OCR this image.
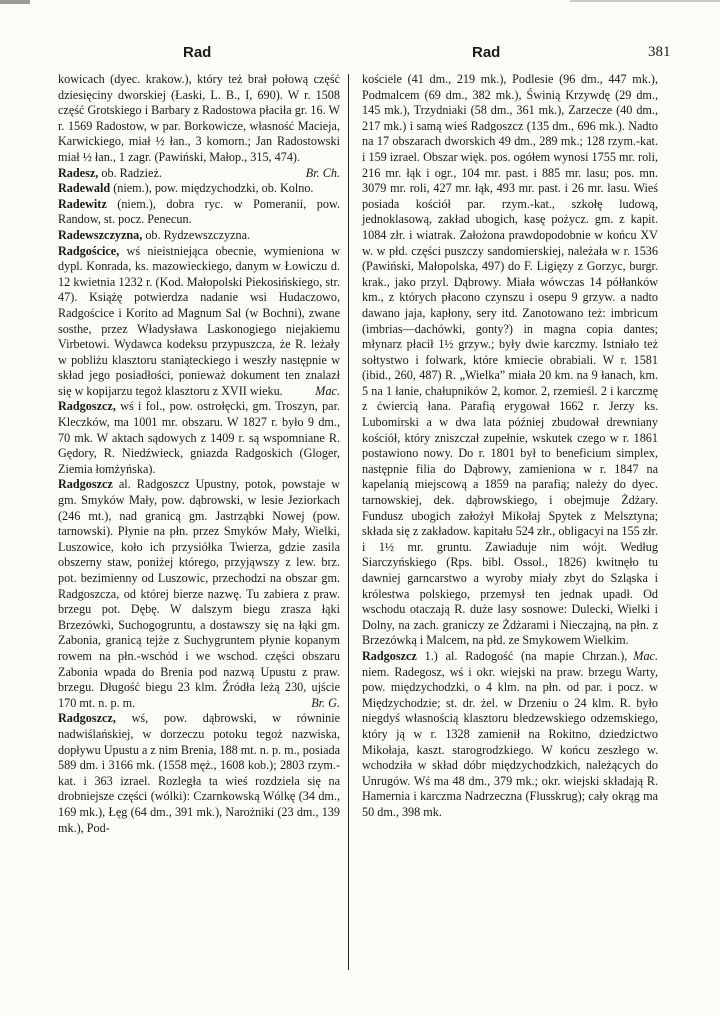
Rad	Rad	381

kowicach (dyec. krakow.), który też brał połową część dziesięciny dworskiej (Łaski, L. B., I, 690). W r. 1508 część Grotskiego i Barbary z Radostowa płaciła gr. 16. W r. 1569 Radostow, w par. Borkowicze, własność Macieja, Karwickiego, miał ½ łan., 3 komorn.; Jan Radostowski miał ½ łan., 1 zagr. (Pawiński, Małop., 315, 474).
Br. Ch.

Radesz, ob. Radzież.

Radewald (niem.), pow. międzychodzki, ob. Kolno.

Radewitz (niem.), dobra ryc. w Pomeranii, pow. Randow, st. pocz. Penecun.

Radewszczyzna, ob. Rydzewszczyzna.

Radgościce, wś nieistniejąca obecnie, wymieniona w dypl. Konrada, ks. mazowieckiego, danym w Łowiczu d. 12 kwietnia 1232 r. (Kod. Małopolski Piekosińskiego, str. 47). Książę potwierdza nadanie wsi Hudaczowo, Radgościce i Korito ad Magnum Sal (w Bochni), zwane sosthe, przez Władysława Laskonogiego niejakiemu Virbetowi. Wydawca kodeksu przypuszcza, że R. leżały w pobliżu klasztoru staniąteckiego i weszły następnie w skład jego posiadłości, ponieważ dokument ten znalazł się w kopijarzu tegoż klasztoru z XVII wieku.	Mac.

Radgoszcz, wś i fol., pow. ostrołęcki, gm. Troszyn, par. Kleczków, ma 1001 mr. obszaru. W 1827 r. było 9 dm., 70 mk. W aktach sądowych z 1409 r. są wspomniane R. Gędory, R. Niedźwieck, gniazda Radgoskich (Gloger, Ziemia łomżyńska).

Radgoszcz al. Radgoszcz Upustny, potok, powstaje w gm. Smyków Mały, pow. dąbrowski, w lesie Jeziorkach (246 mt.), nad granicą gm. Jastrząbki Nowej (pow. tarnowski). Płynie na płn. przez Smyków Mały, Wielki, Luszowice, koło ich przysiółka Twierza, gdzie zasila obszerny staw, poniżej którego, przyjąwszy z lew. brz. pot. bezimienny od Luszowic, przechodzi na obszar gm. Radgoszcza, od której bierze nazwę. Tu zabiera z praw. brzegu pot. Dębę. W dalszym biegu zrasza łąki Brzezówki, Suchogogruntu, a dostawszy się na łąki gm. Zabonia, granicą tejże z Suchygruntem płynie kopanym rowem na płn.-wschód i we wschod. części obszaru Zabonia wpada do Brenia pod nazwą Upustu z praw. brzegu. Długość biegu 23 klm. Źródła leżą 230, ujście 170 mt. n. p. m.	Br. G.

Radgoszcz, wś, pow. dąbrowski, w równinie nadwiślańskiej, w dorzeczu potoku tegoż nazwiska, dopływu Upustu a z nim Brenia, 188 mt. n. p. m., posiada 589 dm. i 3166 mk. (1558 męż., 1608 kob.); 2803 rzym.-kat. i 363 izrael. Rozległa ta wieś rozdziela się na drobniejsze części (wólki): Czarnkowską Wólkę (34 dm., 169 mk.), Łęg (64 dm., 391 mk.), Narożniki (23 dm., 139 mk.), Pod-

kościele (41 dm., 219 mk.), Podlesie (96 dm., 447 mk.), Podmalcem (69 dm., 382 mk.), Świnią Krzywdę (29 dm., 145 mk.), Trzydniaki (58 dm., 361 mk.), Zarzecze (40 dm., 217 mk.) i samą wieś Radgoszcz (135 dm., 696 mk.). Nadto na 17 obszarach dworskich 49 dm., 289 mk.; 128 rzym.-kat. i 159 izrael. Obszar więk. pos. ogółem wynosi 1755 mr. roli, 216 mr. łąk i ogr., 104 mr. past. i 885 mr. lasu; pos. mn. 3079 mr. roli, 427 mr. łąk, 493 mr. past. i 26 mr. lasu. Wieś posiada kościół par. rzym.-kat., szkołę ludową, jednoklasową, zakład ubogich, kasę pożycz. gm. z kapit. 1084 złr. i wiatrak. Założona prawdopodobnie w końcu XV w. w płd. części puszczy sandomierskiej, należała w r. 1536 (Pawiński, Małopolska, 497) do F. Ligięzy z Gorzyc, burgr. krak., jako przyl. Dąbrowy. Miała wówczas 14 półłanków km., z których płacono czynszu i osepu 9 grzyw. a nadto dawano jaja, kapłony, sery itd. Zanotowano też: imbricum (imbrias—dachówki, gonty?) in magna copia dantes; młynarz płacił 1½ grzyw.; były dwie karczmy. Istniało też sołtystwo i folwark, które kmiecie obrabiali. W r. 1581 (ibid., 260, 487) R. „Wielka” miała 20 km. na 9 łanach, km. 5 na 1 łanie, chałupników 2, komor. 2, rzemieśl. 2 i karczmę z ćwiercią łana. Parafią erygował 1662 r. Jerzy ks. Lubomirski a w dwa lata później zbudował drewniany kościół, który zniszczał zupełnie, wskutek czego w r. 1861 postawiono nowy. Do r. 1801 był to beneficium simplex, następnie filia do Dąbrowy, zamieniona w r. 1847 na kapelanią miejscową a 1859 na parafią; należy do dyec. tarnowskiej, dek. dąbrowskiego, i obejmuje Żdżary. Fundusz ubogich założył Mikołaj Spytek z Melsztyna; składa się z zakładow. kapitału 524 złr., obligacyi na 155 złr. i 1½ mr. gruntu. Zawiaduje nim wójt. Według Siarczyńskiego (Rps. bibl. Ossol., 1826) kwitnęło tu dawniej garncarstwo a wyroby miały zbyt do Szląska i królestwa polskiego, przemysł ten jednak upadł. Od wschodu otaczają R. duże lasy sosnowe: Dulecki, Wielki i Dolny, na zach. graniczy ze Żdżarami i Nieczajną, na płn. z Brzezówką i Malcem, na płd. ze Smykowem Wielkim.
Mac.

Radgoszcz 1.) al. Radogość (na mapie Chrzan.), niem. Radegosz, wś i okr. wiejski na praw. brzegu Warty, pow. międzychodzki, o 4 klm. na płn. od par. i pocz. w Międzychodzie; st. dr. żel. w Drzeniu o 24 klm. R. było niegdyś własnością klasztoru bledzewskiego odzemskiego, który ją w r. 1328 zamienił na Rokitno, dziedzictwo Mikołaja, kaszt. starogrodzkiego. W końcu zeszłego w. wchodziła w skład dóbr międzychodzkich, należących do Unrugów. Wś ma 48 dm., 379 mk.; okr. wiejski składają R. Hamernia i karczma Nadrzeczna (Flusskrug); cały okrąg ma 50 dm., 398 mk.
